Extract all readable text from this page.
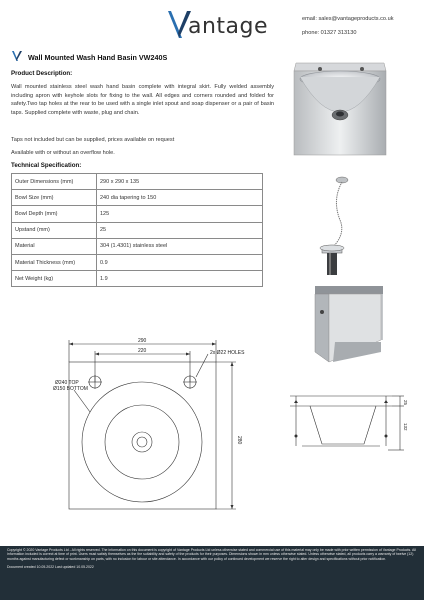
antage	email: sales@vantageproducts.co.uk
phone: 01327 313130
Wall Mounted Wash Hand Basin VW240S
Product Description:
Wall mounted stainless steel wash hand basin complete with integral skirt. Fully welded assembly including apron with keyhole slots for fixing to the wall. All edges and corners rounded and folded for safety.Two tap holes at the rear to be used with a single inlet spout and soap dispenser or a pair of basin taps. Supplied complete with waste, plug and chain.
Taps not included but can be supplied, prices available on request
Available with or without an overflow hole.
Technical Specification:
Outer Dimensions (mm)	290 x 290 x 135
Bowl Size (mm)	240 dia tapering to 150
Bowl Depth (mm)	125
Upstand (mm)	25
Material	304 (1.4301) stainless steel
Material Thickness (mm)	0.9
Net Weight (kg)	1.9
290
220	2x Ø22 HOLES
280
Ø240 TOP
Ø150 BOTTOM
25
132

Copyright © 2020 Vantage Products Ltd - All rights reserved. The information on this document is copyright of Vantage Products Ltd unless otherwise stated and commercial use of this material may only be made with prior written permission of Vantage Products. All information included is correct at time of print. Users must satisfy themselves as the the suitability and safety of the products for their purposes. Dimensions shown in mm unless otherwise stated. Unless otherwise stated, all products carry a warranty of twelve (12) months against manufacturing defect or workmanship on parts, with no inclusion for labour or site attendance. In accordance with our policy of continued development we reserve the right to alter design and specifications without prior notification.

Document created 10.05.2022 Last updated 10.05.2022
